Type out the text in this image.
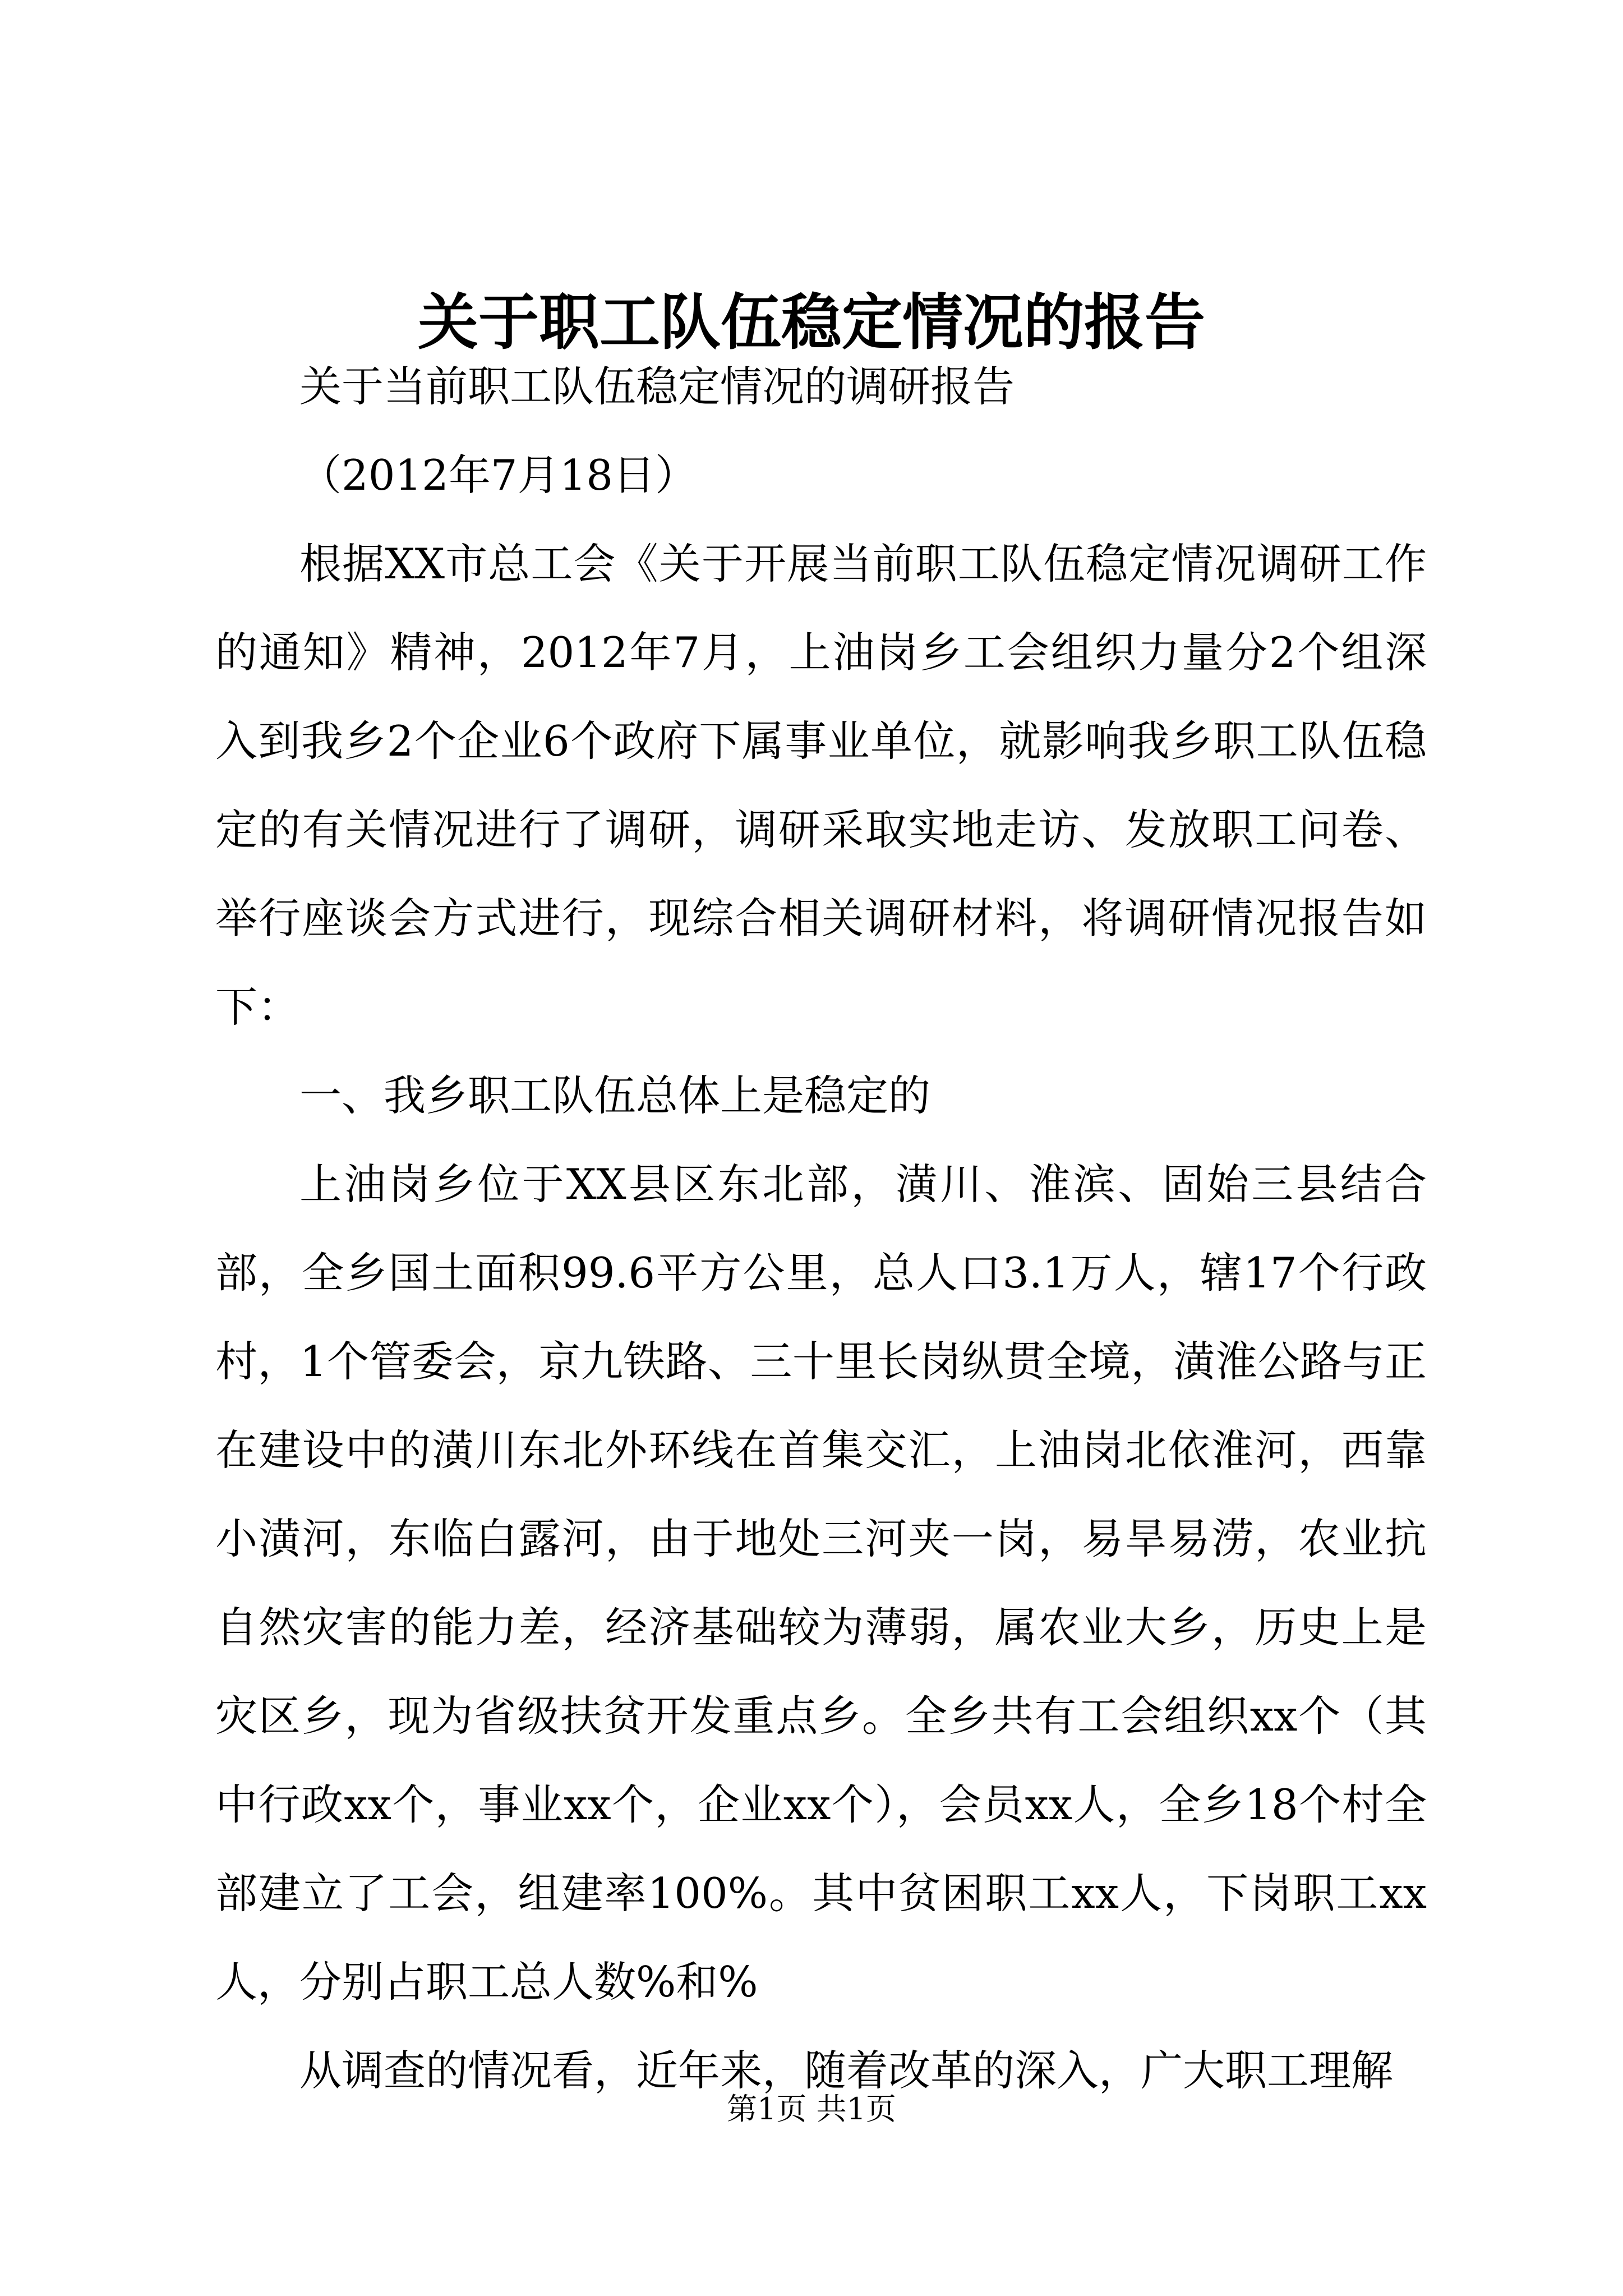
关于职工队伍稳定情况的报告

关于当前职工队伍稳定情况的调研报告

（2012年7月18日）

根据XX市总工会《关于开展当前职工队伍稳定情况调研工作的通知》精神，2012年7月，上油岗乡工会组织力量分2个组深入到我乡2个企业6个政府下属事业单位，就影响我乡职工队伍稳定的有关情况进行了调研，调研采取实地走访、发放职工问卷、举行座谈会方式进行，现综合相关调研材料，将调研情况报告如下：

一、我乡职工队伍总体上是稳定的

上油岗乡位于XX县区东北部，潢川、淮滨、固始三县结合部，全乡国土面积99.6平方公里，总人口3.1万人，辖17个行政村，1个管委会，京九铁路、三十里长岗纵贯全境，潢淮公路与正在建设中的潢川东北外环线在首集交汇，上油岗北依淮河，西靠小潢河，东临白露河，由于地处三河夹一岗，易旱易涝，农业抗自然灾害的能力差，经济基础较为薄弱，属农业大乡，历史上是灾区乡，现为省级扶贫开发重点乡。全乡共有工会组织xx个（其中行政xx个，事业xx个，企业xx个），会员xx人，全乡18个村全部建立了工会，组建率100%。其中贫困职工xx人，下岗职工xx人，分别占职工总人数%和%

从调查的情况看，近年来，随着改革的深入，广大职工理解

第1页 共1页
